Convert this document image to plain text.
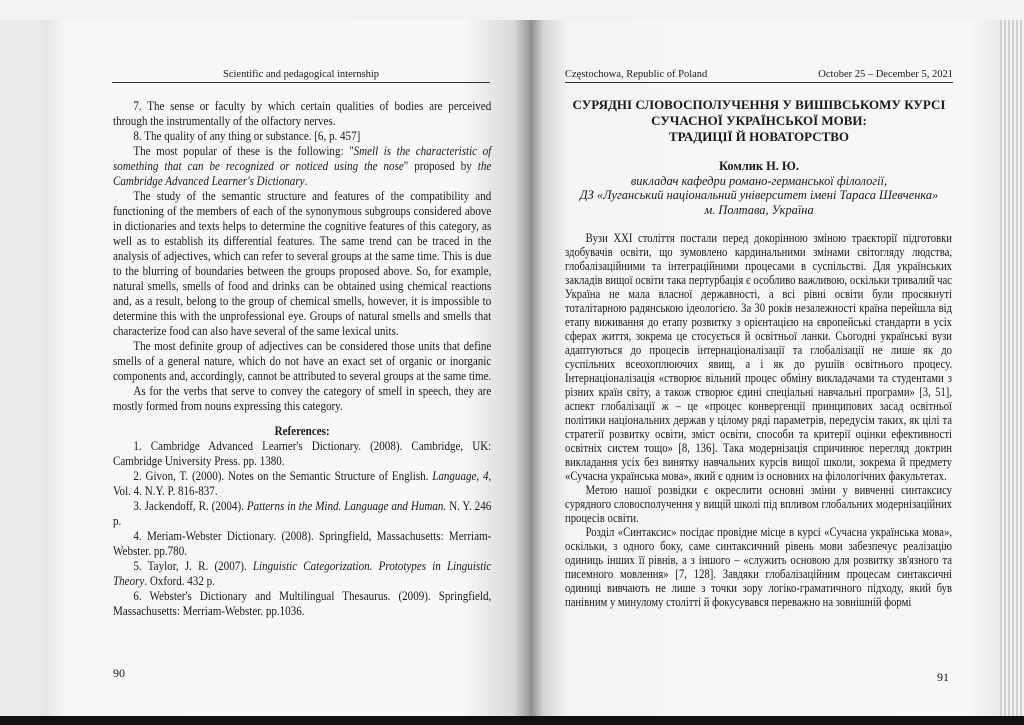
Scientific and pedagogical internship

7. The sense or faculty by which certain qualities of bodies are perceived through the instrumentally of the olfactory nerves.

8. The quality of any thing or substance. [6, p. 457]

The most popular of these is the following: "Smell is the characteristic of something that can be recognized or noticed using the nose" proposed by the Cambridge Advanced Learner's Dictionary.

The study of the semantic structure and features of the compatibility and functioning of the members of each of the synonymous subgroups considered above in dictionaries and texts helps to determine the cognitive features of this category, as well as to establish its differential features. The same trend can be traced in the analysis of adjectives, which can refer to several groups at the same time. This is due to the blurring of boundaries between the groups proposed above. So, for example, natural smells, smells of food and drinks can be obtained using chemical reactions and, as a result, belong to the group of chemical smells, however, it is impossible to determine this with the unprofessional eye. Groups of natural smells and smells that characterize food can also have several of the same lexical units.

The most definite group of adjectives can be considered those units that define smells of a general nature, which do not have an exact set of organic or inorganic components and, accordingly, cannot be attributed to several groups at the same time.

As for the verbs that serve to convey the category of smell in speech, they are mostly formed from nouns expressing this category.

References:

1. Cambridge Advanced Learner's Dictionary. (2008). Cambridge, UK: Cambridge University Press. pp. 1380.

2. Givon, T. (2000). Notes on the Semantic Structure of English. Language, 4, Vol. 4. N.Y. P. 816-837.

3. Jackendoff, R. (2004). Patterns in the Mind. Language and Human. N. Y. 246 p.

4. Meriam-Webster Dictionary. (2008). Springfield, Massachusetts: Merriam-Webster. pp.780.

5. Taylor, J. R. (2007). Linguistic Categorization. Prototypes in Linguistic Theory. Oxford. 432 p.

6. Webster's Dictionary and Multilingual Thesaurus. (2009). Springfield, Massachusetts: Merriam-Webster. pp.1036.

90
Częstochowa, Republic of Poland	October 25 – December 5, 2021
СУРЯДНІ СЛОВОСПОЛУЧЕННЯ У ВИШІВСЬКОМУ КУРСІ
СУЧАСНОЇ УКРАЇНСЬКОЇ МОВИ:
ТРАДИЦІЇ Й НОВАТОРСТВО
Комлик Н. Ю.
викладач кафедри романо-германської філології,
ДЗ «Луганський національний університет імені Тараса Шевченка»
м. Полтава, Україна

Вузи XXI століття постали перед докорінною зміною траєкторії підготовки здобувачів освіти, що зумовлено кардинальними змінами світогляду людства, глобалізаційними та інтеграційними процесами в суспільстві. Для українських закладів вищої освіти така пертурбація є особливо важливою, оскільки тривалий час Україна не мала власної державності, а всі рівні освіти були просякнуті тоталітарною радянською ідеологією. За 30 років незалежності країна перейшла від етапу виживання до етапу розвитку з орієнтацією на європейські стандарти в усіх сферах життя, зокрема це стосується й освітньої ланки. Сьогодні українські вузи адаптуються до процесів інтернаціоналізації та глобалізації не лише як до суспільних всеохоплюючих явищ, а і як до рушіїв освітнього процесу. Інтернаціоналізація «створює вільний процес обміну викладачами та студентами з різних країн світу, а також створює єдині спеціальні навчальні програми» [3, 51], аспект глобалізації ж – це «процес конвергенції принципових засад освітньої політики національних держав у цілому ряді параметрів, передусім таких, як цілі та стратегії розвитку освіти, зміст освіти, способи та критерії оцінки ефективності освітніх систем тощо» [8, 136]. Така модернізація спричинює перегляд доктрин викладання усіх без винятку навчальних курсів вищої школи, зокрема й предмету «Сучасна українська мова», який є одним із основних на філологічних факультетах.

Метою нашої розвідки є окреслити основні зміни у вивченні синтаксису сурядного словосполучення у вищій школі під впливом глобальних модернізаційних процесів освіти.

Розділ «Синтаксис» посідає провідне місце в курсі «Сучасна українська мова», оскільки, з одного боку, саме синтаксичний рівень мови забезпечує реалізацію одиниць інших її рівнів, а з іншого – «служить основою для розвитку зв'язного та писемного мовлення» [7, 128]. Завдяки глобалізаційним процесам синтаксичні одиниці вивчають не лише з точки зору логіко-граматичного підходу, який був панівним у минулому столітті й фокусувався переважно на зовнішній формі

91
